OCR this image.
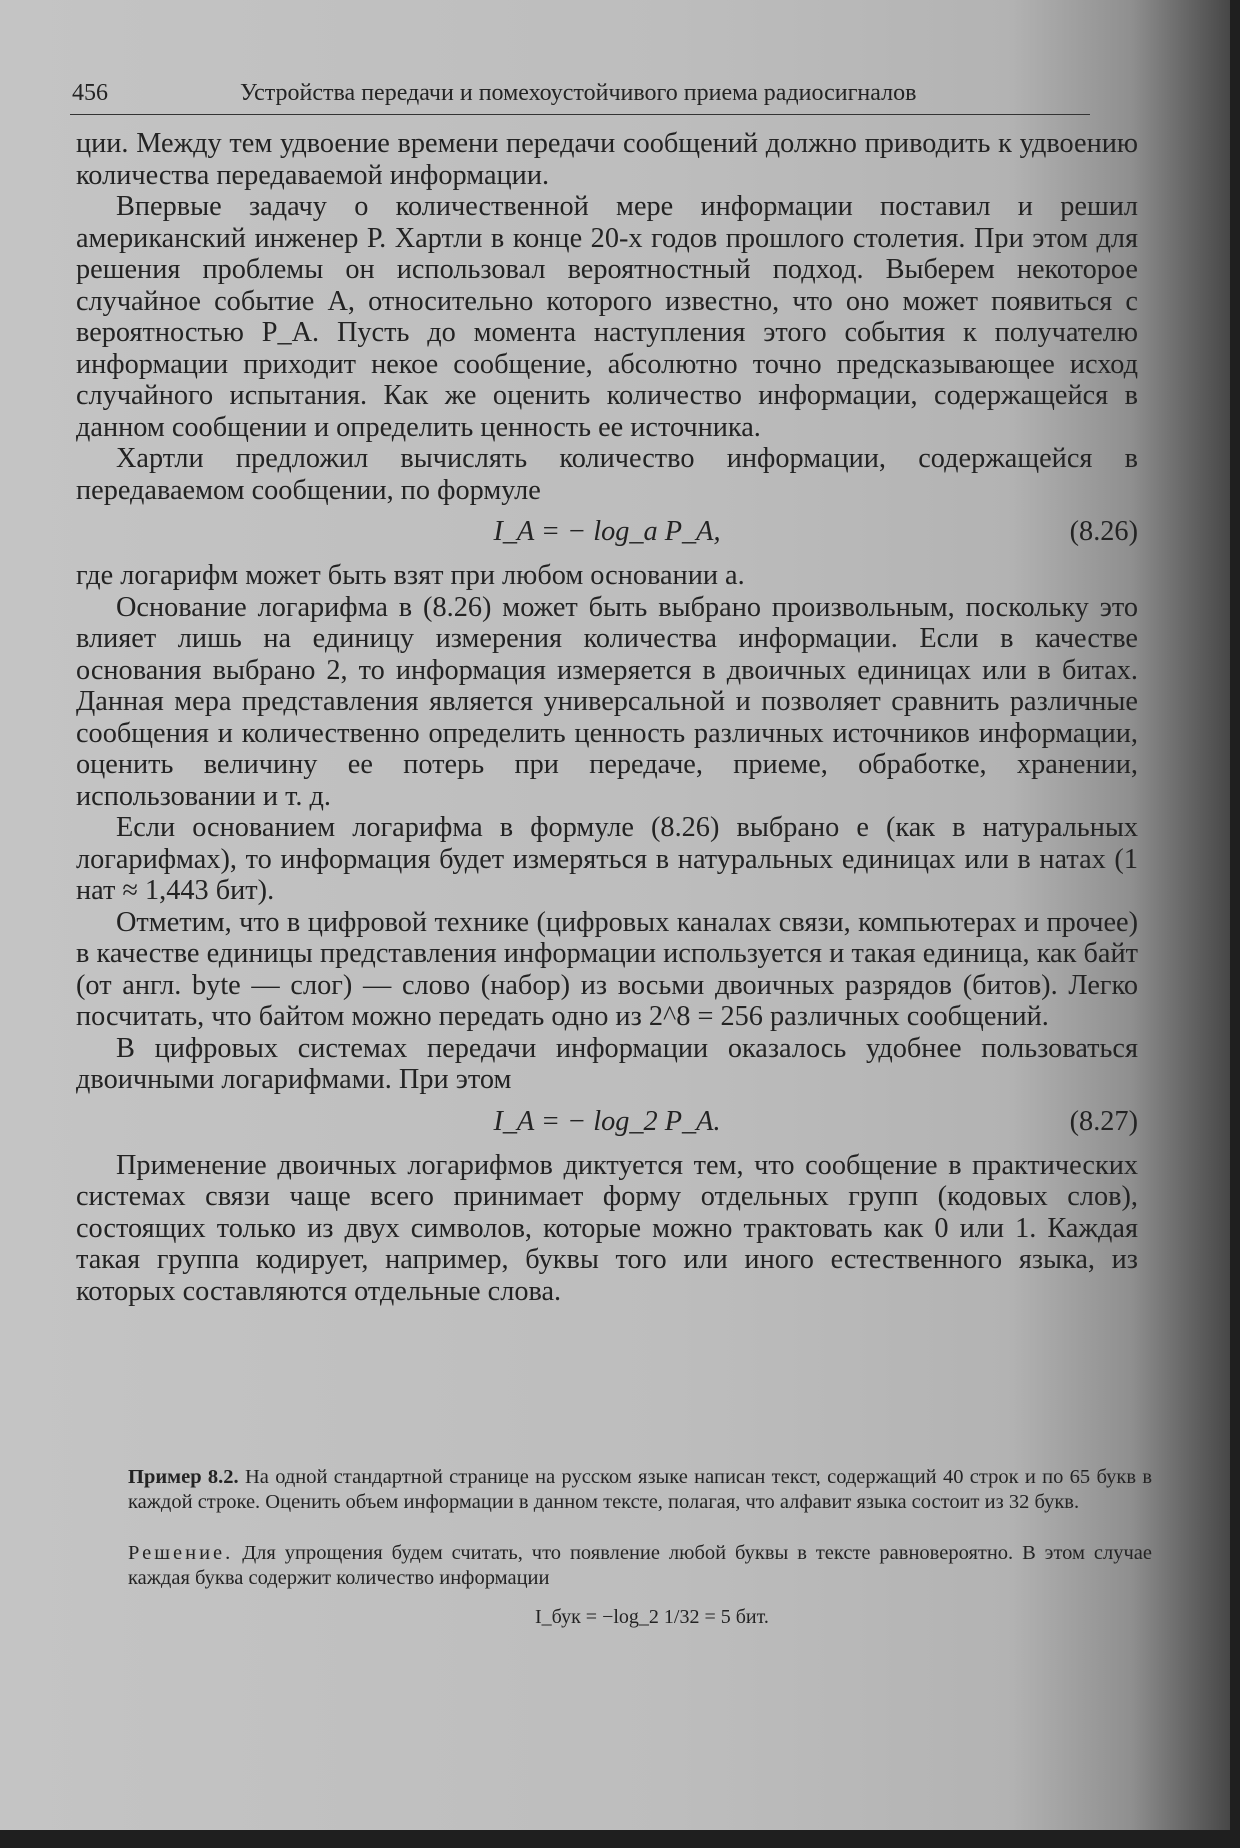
456	Устройства передачи и помехоустойчивого приема радиосигналов

ции. Между тем удвоение времени передачи сообщений должно приводить к удвоению количества передаваемой информации.

Впервые задачу о количественной мере информации поставил и решил американский инженер Р. Хартли в конце 20-х годов прошлого столетия. При этом для решения проблемы он использовал вероятностный подход. Выберем некоторое случайное событие A, относительно которого известно, что оно может появиться с вероятностью P_A. Пусть до момента наступления этого события к получателю информации приходит некое сообщение, абсолютно точно предсказывающее исход случайного испытания. Как же оценить количество информации, содержащейся в данном сообщении и определить ценность ее источника.

Хартли предложил вычислять количество информации, содержащейся в передаваемом сообщении, по формуле

I_A = − log_a P_A,	(8.26)

где логарифм может быть взят при любом основании a.

Основание логарифма в (8.26) может быть выбрано произвольным, поскольку это влияет лишь на единицу измерения количества информации. Если в качестве основания выбрано 2, то информация измеряется в двоичных единицах или в битах. Данная мера представления является универсальной и позволяет сравнить различные сообщения и количественно определить ценность различных источников информации, оценить величину ее потерь при передаче, приеме, обработке, хранении, использовании и т. д.

Если основанием логарифма в формуле (8.26) выбрано e (как в натуральных логарифмах), то информация будет измеряться в натуральных единицах или в натах (1 нат ≈ 1,443 бит).

Отметим, что в цифровой технике (цифровых каналах связи, компьютерах и прочее) в качестве единицы представления информации используется и такая единица, как байт (от англ. byte — слог) — слово (набор) из восьми двоичных разрядов (битов). Легко посчитать, что байтом можно передать одно из 2^8 = 256 различных сообщений.

В цифровых системах передачи информации оказалось удобнее пользоваться двоичными логарифмами. При этом

I_A = − log_2 P_A.	(8.27)

Применение двоичных логарифмов диктуется тем, что сообщение в практических системах связи чаще всего принимает форму отдельных групп (кодовых слов), состоящих только из двух символов, которые можно трактовать как 0 или 1. Каждая такая группа кодирует, например, буквы того или иного естественного языка, из которых составляются отдельные слова.

Пример 8.2. На одной стандартной странице на русском языке написан текст, содержащий 40 строк и по 65 букв в каждой строке. Оценить объем информации в данном тексте, полагая, что алфавит языка состоит из 32 букв.

Решение. Для упрощения будем считать, что появление любой буквы в тексте равновероятно. В этом случае каждая буква содержит количество информации

I_бук = −log_2 1/32 = 5 бит.
